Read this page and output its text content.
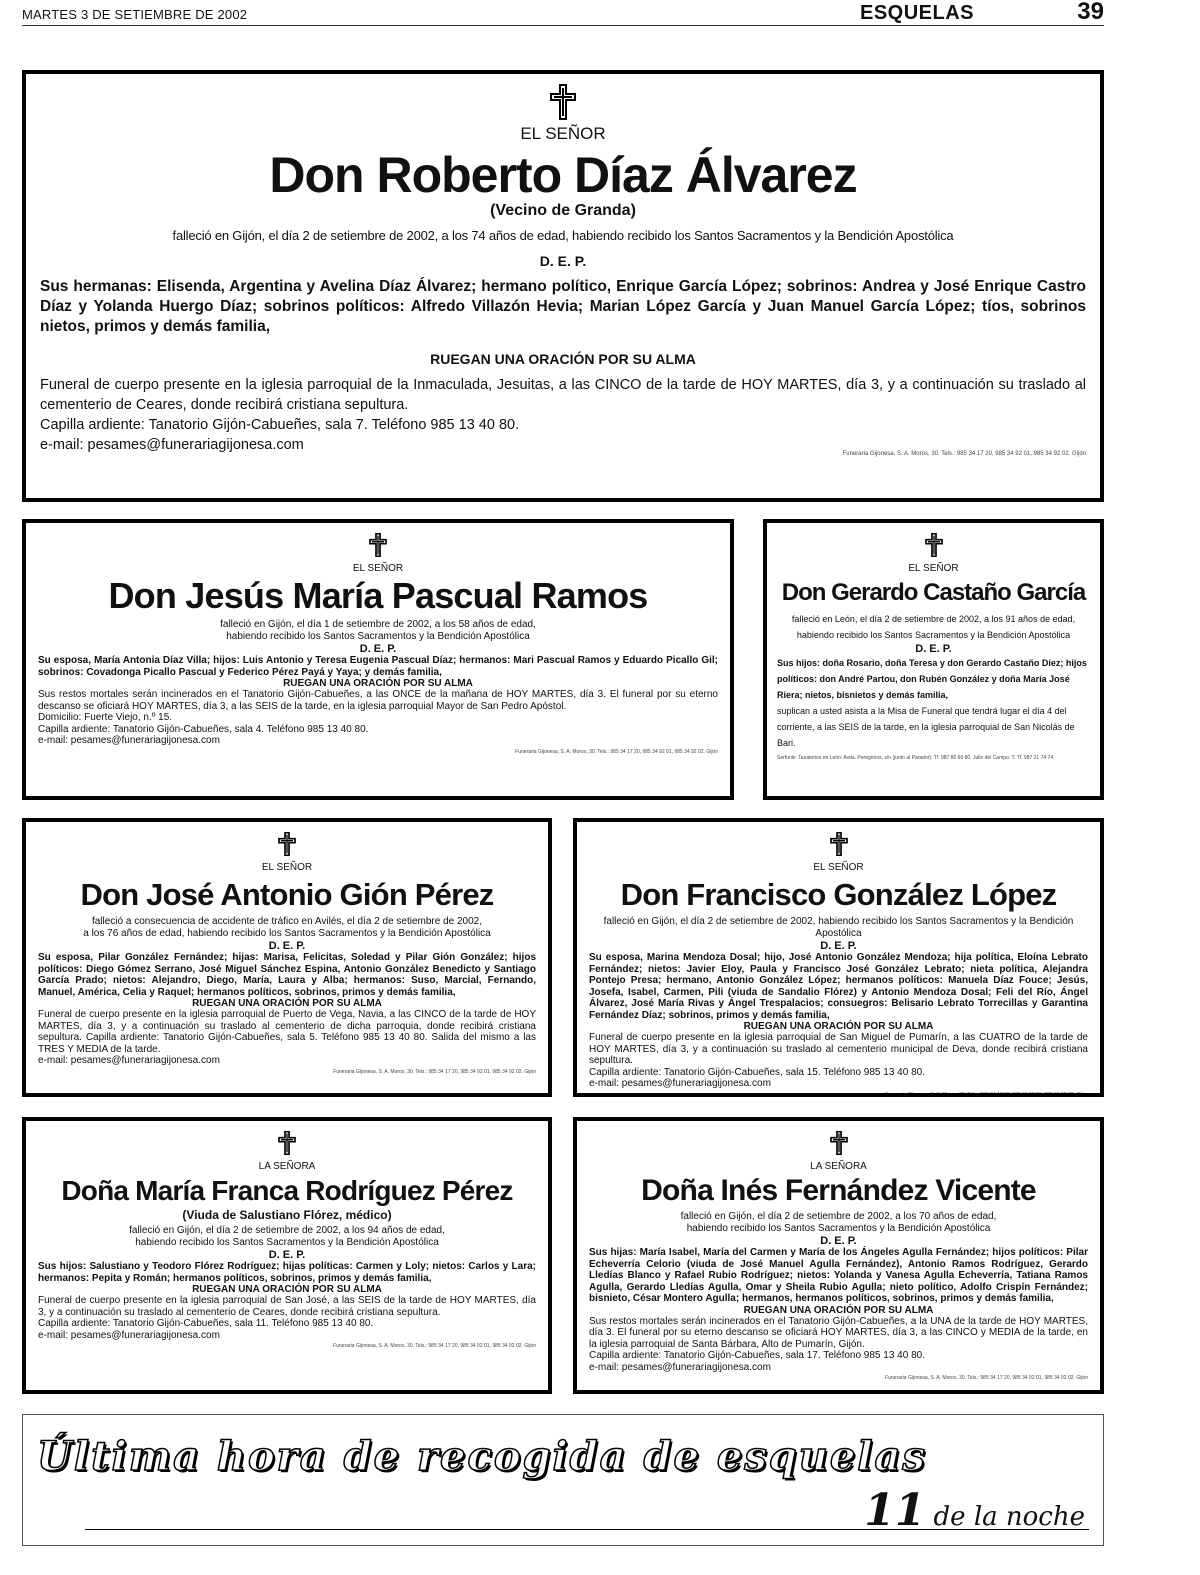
MARTES 3 DE SETIEMBRE DE 2002	ESQUELAS	39
EL SEÑOR
Don Roberto Díaz Álvarez
(Vecino de Granda)
falleció en Gijón, el día 2 de setiembre de 2002, a los 74 años de edad, habiendo recibido los Santos Sacramentos y la Bendición Apostólica
D. E. P.
Sus hermanas: Elisenda, Argentina y Avelina Díaz Álvarez; hermano político, Enrique García López; sobrinos: Andrea y José Enrique Castro Díaz y Yolanda Huergo Díaz; sobrinos políticos: Alfredo Villazón Hevia; Marian López García y Juan Manuel García López; tíos, sobrinos nietos, primos y demás familia,
RUEGAN UNA ORACIÓN POR SU ALMA
Funeral de cuerpo presente en la iglesia parroquial de la Inmaculada, Jesuitas, a las CINCO de la tarde de HOY MARTES, día 3, y a continuación su traslado al cementerio de Ceares, donde recibirá cristiana sepultura.
Capilla ardiente: Tanatorio Gijón-Cabueñes, sala 7. Teléfono 985 13 40 80.
e-mail: pesames@funerariagijonesa.com
Funeraria Gijonesa, S. A. Moros, 30. Tels.: 985 34 17 20, 985 34 92 01, 985 34 92 02. Gijón
EL SEÑOR
Don Jesús María Pascual Ramos
falleció en Gijón, el día 1 de setiembre de 2002, a los 58 años de edad,
habiendo recibido los Santos Sacramentos y la Bendición Apostólica
D. E. P.
Su esposa, María Antonia Díaz Villa; hijos: Luis Antonio y Teresa Eugenia Pascual Díaz; hermanos: Mari Pascual Ramos y Eduardo Picallo Gil; sobrinos: Covadonga Picallo Pascual y Federico Pérez Payá y Yaya; y demás familia,
RUEGAN UNA ORACIÓN POR SU ALMA
Sus restos mortales serán incinerados en el Tanatorio Gijón-Cabueñes, a las ONCE de la mañana de HOY MARTES, día 3. El funeral por su eterno descanso se oficiará HOY MARTES, día 3, a las SEIS de la tarde, en la iglesia parroquial Mayor de San Pedro Apóstol.
Domicilio: Fuerte Viejo, n.º 15.
Capilla ardiente: Tanatorio Gijón-Cabueñes, sala 4. Teléfono 985 13 40 80.
e-mail: pesames@funerariagijonesa.com
Funeraria Gijonesa, S. A. Moros, 30. Tels.: 985 34 17 20, 985 34 92 01, 985 34 92 02. Gijón
EL SEÑOR
Don Gerardo Castaño García
falleció en León, el día 2 de setiembre de 2002, a los 91 años de edad,
habiendo recibido los Santos Sacramentos y la Bendición Apostólica
D. E. P.
Sus hijos: doña Rosario, doña Teresa y don Gerardo Castaño Díez; hijos políticos: don André Partou, don Rubén González y doña María José Riera; nietos, bisnietos y demás familia,
suplican a usted asista a la Misa de Funeral que tendrá lugar el día 4 del corriente, a las SEIS de la tarde, en la iglesia parroquial de San Nicolás de Bari.
Serfunle. Tanatorios en León: Avda. Peregrinos, s/n (junto al Parador). Tf. 987 80 60 80. Julio del Campo. T. Tf. 987 21 74 74
EL SEÑOR
Don José Antonio Gión Pérez
falleció a consecuencia de accidente de tráfico en Avilés, el día 2 de setiembre de 2002,
a los 76 años de edad, habiendo recibido los Santos Sacramentos y la Bendición Apostólica
D. E. P.
Su esposa, Pilar González Fernández; hijas: Marisa, Felicitas, Soledad y Pilar Gión González; hijos políticos: Diego Gómez Serrano, José Miguel Sánchez Espina, Antonio González Benedicto y Santiago García Prado; nietos: Alejandro, Diego, María, Laura y Alba; hermanos: Suso, Marcial, Fernando, Manuel, América, Celia y Raquel; hermanos políticos, sobrinos, primos y demás familia,
RUEGAN UNA ORACIÓN POR SU ALMA
Funeral de cuerpo presente en la iglesia parroquial de Puerto de Vega, Navia, a las CINCO de la tarde de HOY MARTES, día 3, y a continuación su traslado al cementerio de dicha parroquia, donde recibirá cristiana sepultura. Capilla ardiente: Tanatorio Gijón-Cabueñes, sala 5. Teléfono 985 13 40 80. Salida del mismo a las TRES Y MEDIA de la tarde.
e-mail: pesames@funerariagijonesa.com
Funeraria Gijonesa, S. A. Moros, 30. Tels.: 985 34 17 20, 985 34 92 01, 985 34 92 02. Gijón
EL SEÑOR
Don Francisco González López
falleció en Gijón, el día 2 de setiembre de 2002, habiendo recibido los Santos Sacramentos y la Bendición Apostólica
D. E. P.
Su esposa, Marina Mendoza Dosal; hijo, José Antonio González Mendoza; hija política, Eloína Lebrato Fernández; nietos: Javier Eloy, Paula y Francisco José González Lebrato; nieta política, Alejandra Pontejo Presa; hermano, Antonio González López; hermanos políticos: Manuela Díaz Fouce; Jesús, Josefa, Isabel, Carmen, Pili (viuda de Sandalio Flórez) y Antonio Mendoza Dosal; Feli del Río, Ángel Álvarez, José María Rivas y Ángel Trespalacios; consuegros: Belisario Lebrato Torrecillas y Garantina Fernández Díaz; sobrinos, primos y demás familia,
RUEGAN UNA ORACIÓN POR SU ALMA
Funeral de cuerpo presente en la iglesia parroquial de San Miguel de Pumarín, a las CUATRO de la tarde de HOY MARTES, día 3, y a continuación su traslado al cementerio municipal de Deva, donde recibirá cristiana sepultura.
Capilla ardiente: Tanatorio Gijón-Cabueñes, sala 15. Teléfono 985 13 40 80.
e-mail: pesames@funerariagijonesa.com
Funeraria Gijonesa, S. A. Moros, 30. Tels.: 985 34 17 20, 985 34 92 01, 985 34 92 02. Gijón
LA SEÑORA
Doña María Franca Rodríguez Pérez
(Viuda de Salustiano Flórez, médico)
falleció en Gijón, el día 2 de setiembre de 2002, a los 94 años de edad,
habiendo recibido los Santos Sacramentos y la Bendición Apostólica
D. E. P.
Sus hijos: Salustiano y Teodoro Flórez Rodríguez; hijas políticas: Carmen y Loly; nietos: Carlos y Lara; hermanos: Pepita y Román; hermanos políticos, sobrinos, primos y demás familia,
RUEGAN UNA ORACIÓN POR SU ALMA
Funeral de cuerpo presente en la iglesia parroquial de San José, a las SEIS de la tarde de HOY MARTES, día 3, y a continuación su traslado al cementerio de Ceares, donde recibirá cristiana sepultura.
Capilla ardiente: Tanatorio Gijón-Cabueñes, sala 11. Teléfono 985 13 40 80.
e-mail: pesames@funerariagijonesa.com
Funeraria Gijonesa, S. A. Moros, 30. Tels.: 985 34 17 20, 985 34 92 01, 985 34 92 02. Gijón
LA SEÑORA
Doña Inés Fernández Vicente
falleció en Gijón, el día 2 de setiembre de 2002, a los 70 años de edad,
habiendo recibido los Santos Sacramentos y la Bendición Apostólica
D. E. P.
Sus hijas: María Isabel, María del Carmen y María de los Ángeles Agulla Fernández; hijos políticos: Pilar Echeverría Celorio (viuda de José Manuel Agulla Fernández), Antonio Ramos Rodríguez, Gerardo Lledías Blanco y Rafael Rubio Rodríguez; nietos: Yolanda y Vanesa Agulla Echeverría, Tatiana Ramos Agulla, Gerardo Lledías Agulla, Omar y Sheila Rubio Agulla; nieto político, Adolfo Crispín Fernández; bisnieto, César Montero Agulla; hermanos, hermanos políticos, sobrinos, primos y demás familia,
RUEGAN UNA ORACIÓN POR SU ALMA
Sus restos mortales serán incinerados en el Tanatorio Gijón-Cabueñes, a la UNA de la tarde de HOY MARTES, día 3. El funeral por su eterno descanso se oficiará HOY MARTES, día 3, a las CINCO y MEDIA de la tarde, en la iglesia parroquial de Santa Bárbara, Alto de Pumarín, Gijón.
Capilla ardiente: Tanatorio Gijón-Cabueñes, sala 17. Teléfono 985 13 40 80.
e-mail: pesames@funerariagijonesa.com
Funeraria Gijonesa, S. A. Moros, 30. Tels.: 985 34 17 20, 985 34 92 01, 985 34 92 02. Gijón
Última hora de recogida de esquelas
11 de la noche
